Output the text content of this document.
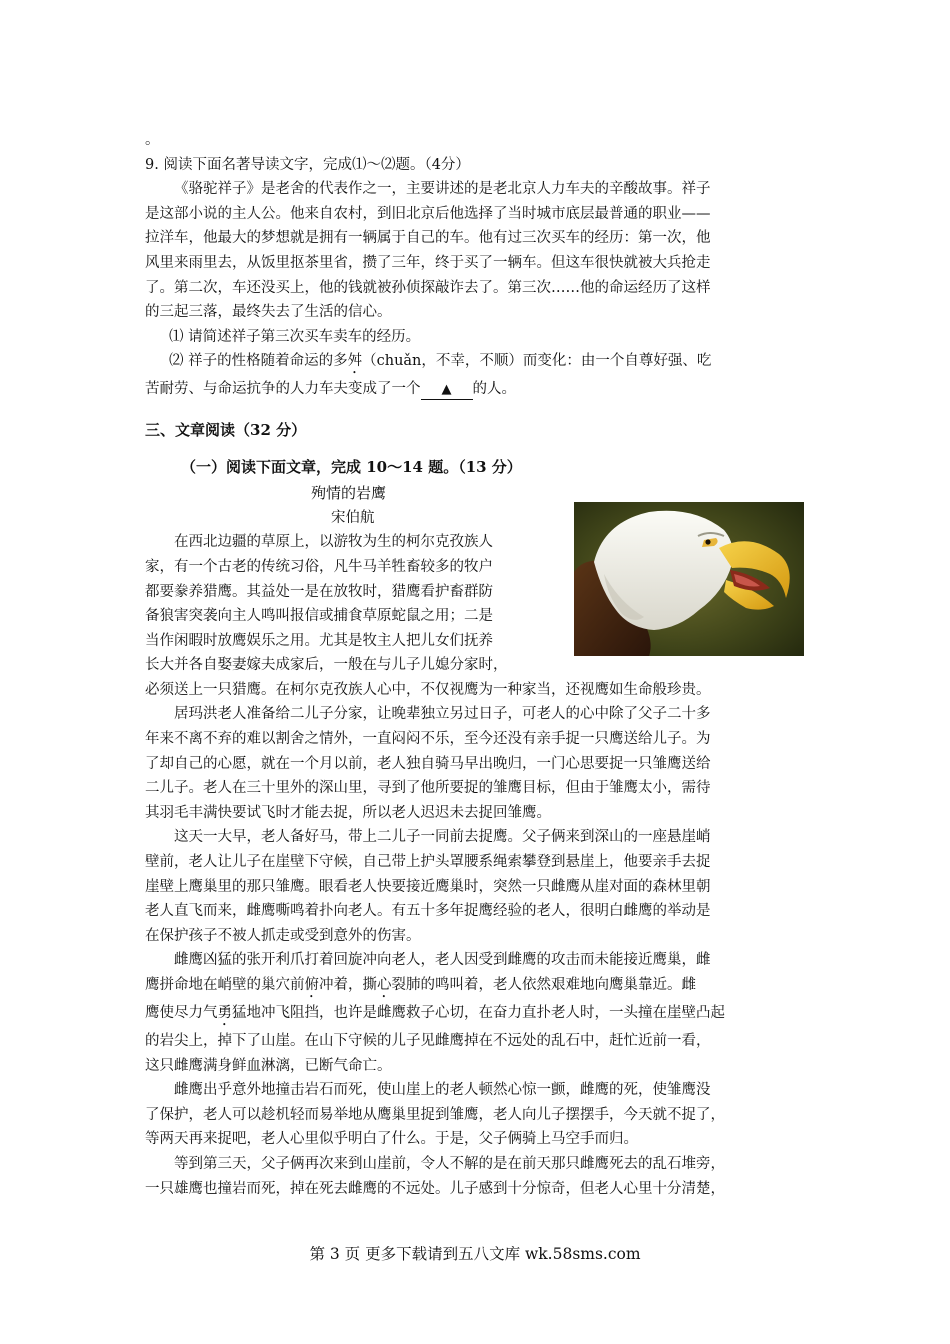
。

9. 阅读下面名著导读文字，完成⑴～⑵题。（4分）

《骆驼祥子》是老舍的代表作之一，主要讲述的是老北京人力车夫的辛酸故事。祥子

是这部小说的主人公。他来自农村，到旧北京后他选择了当时城市底层最普通的职业——

拉洋车，他最大的梦想就是拥有一辆属于自己的车。他有过三次买车的经历：第一次，他

风里来雨里去，从饭里抠茶里省，攒了三年，终于买了一辆车。但这车很快就被大兵抢走

了。第二次，车还没买上，他的钱就被孙侦探敲诈去了。第三次……他的命运经历了这样

的三起三落，最终失去了生活的信心。

⑴ 请简述祥子第三次买车卖车的经历。

⑵ 祥子的性格随着命运的多舛（chuǎn，不幸，不顺）而变化：由一个自尊好强、吃

苦耐劳、与命运抗争的人力车夫变成了一个 ▲ 的人。

三、文章阅读（32 分）

（一）阅读下面文章，完成 10～14 题。（13 分）

殉情的岩鹰

宋伯航

在西北边疆的草原上，以游牧为生的柯尔克孜族人

家，有一个古老的传统习俗，凡牛马羊牲畜较多的牧户

都要豢养猎鹰。其益处一是在放牧时，猎鹰看护畜群防

备狼害突袭向主人鸣叫报信或捕食草原蛇鼠之用；二是

当作闲暇时放鹰娱乐之用。尤其是牧主人把儿女们抚养

长大并各自娶妻嫁夫成家后，一般在与儿子儿媳分家时，

必须送上一只猎鹰。在柯尔克孜族人心中，不仅视鹰为一种家当，还视鹰如生命般珍贵。

居玛洪老人准备给二儿子分家，让晚辈独立另过日子，可老人的心中除了父子二十多

年来不离不弃的难以割舍之情外，一直闷闷不乐，至今还没有亲手捉一只鹰送给儿子。为

了却自己的心愿，就在一个月以前，老人独自骑马早出晚归，一门心思要捉一只雏鹰送给

二儿子。老人在三十里外的深山里，寻到了他所要捉的雏鹰目标，但由于雏鹰太小，需待

其羽毛丰满快要试飞时才能去捉，所以老人迟迟未去捉回雏鹰。

这天一大早，老人备好马，带上二儿子一同前去捉鹰。父子俩来到深山的一座悬崖峭

壁前，老人让儿子在崖壁下守候，自己带上护头罩腰系绳索攀登到悬崖上，他要亲手去捉

崖壁上鹰巢里的那只雏鹰。眼看老人快要接近鹰巢时，突然一只雌鹰从崖对面的森林里朝

老人直飞而来，雌鹰嘶鸣着扑向老人。有五十多年捉鹰经验的老人，很明白雌鹰的举动是

在保护孩子不被人抓走或受到意外的伤害。

雌鹰凶猛的张开利爪打着回旋冲向老人，老人因受到雌鹰的攻击而未能接近鹰巢，雌

鹰拼命地在峭壁的巢穴前俯冲着，撕心裂肺的鸣叫着，老人依然艰难地向鹰巢靠近。雌

鹰使尽力气勇猛地冲飞阻挡，也许是雌鹰救子心切，在奋力直扑老人时，一头撞在崖壁凸起

的岩尖上，掉下了山崖。在山下守候的儿子见雌鹰掉在不远处的乱石中，赶忙近前一看，

这只雌鹰满身鲜血淋漓，已断气命亡。

雌鹰出乎意外地撞击岩石而死，使山崖上的老人顿然心惊一颤，雌鹰的死，使雏鹰没

了保护，老人可以趁机轻而易举地从鹰巢里捉到雏鹰，老人向儿子摆摆手，今天就不捉了，

等两天再来捉吧，老人心里似乎明白了什么。于是，父子俩骑上马空手而归。

等到第三天，父子俩再次来到山崖前，令人不解的是在前天那只雌鹰死去的乱石堆旁，

一只雄鹰也撞岩而死，掉在死去雌鹰的不远处。儿子感到十分惊奇，但老人心里十分清楚，

第 3 页 更多下载请到五八文库 wk.58sms.com
